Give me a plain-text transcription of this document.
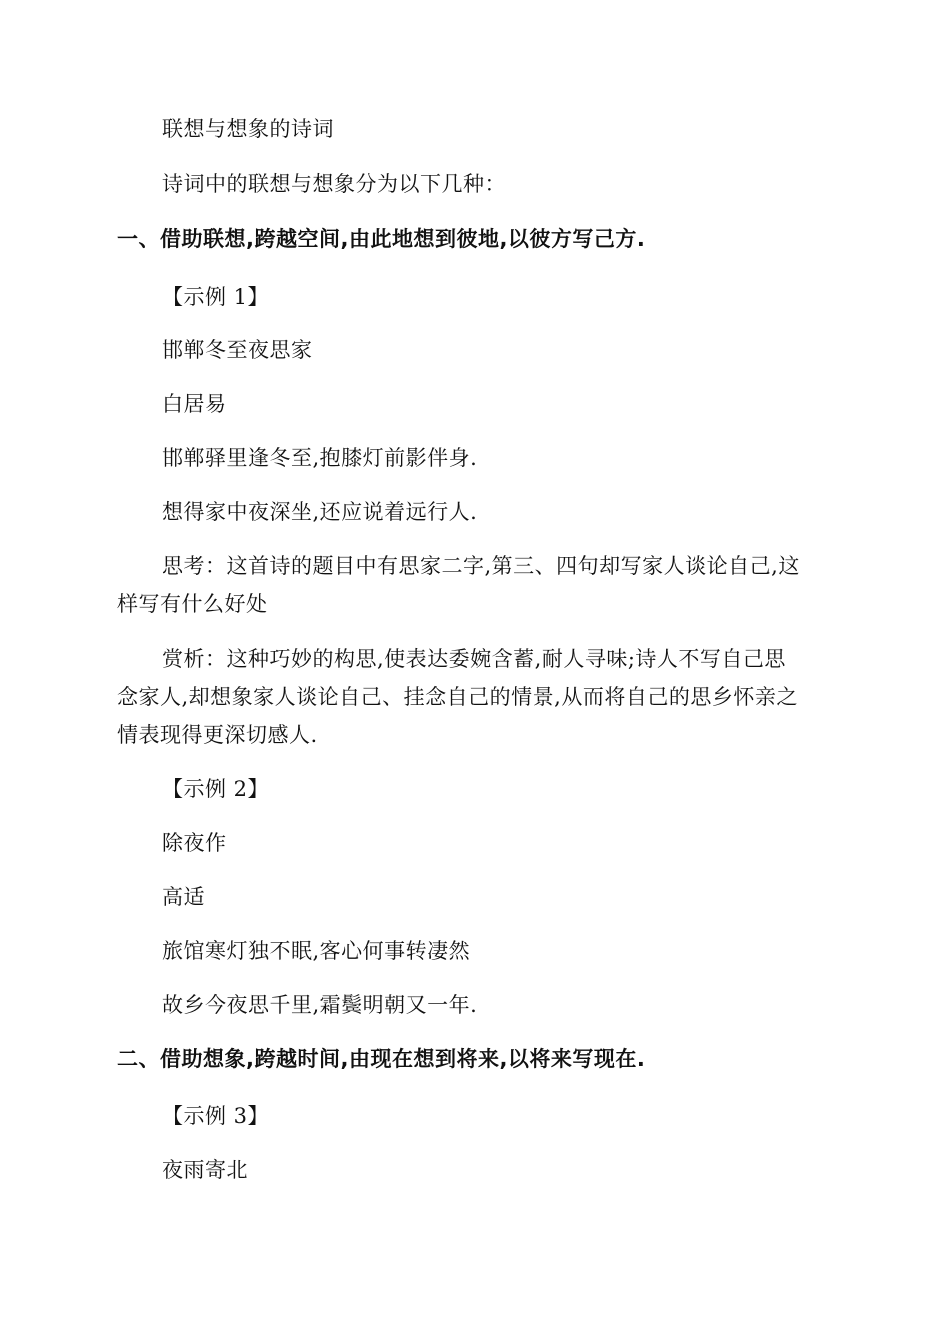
联想与想象的诗词
诗词中的联想与想象分为以下几种：
一、借助联想,跨越空间,由此地想到彼地,以彼方写己方.
【示例 1】
邯郸冬至夜思家
白居易
邯郸驿里逢冬至,抱膝灯前影伴身.
想得家中夜深坐,还应说着远行人.
思考：这首诗的题目中有思家二字,第三、四句却写家人谈论自己,这
样写有什么好处
赏析：这种巧妙的构思,使表达委婉含蓄,耐人寻味;诗人不写自己思
念家人,却想象家人谈论自己、挂念自己的情景,从而将自己的思乡怀亲之
情表现得更深切感人.
【示例 2】
除夜作
高适
旅馆寒灯独不眠,客心何事转凄然
故乡今夜思千里,霜鬓明朝又一年.
二、借助想象,跨越时间,由现在想到将来,以将来写现在.
【示例 3】
夜雨寄北
